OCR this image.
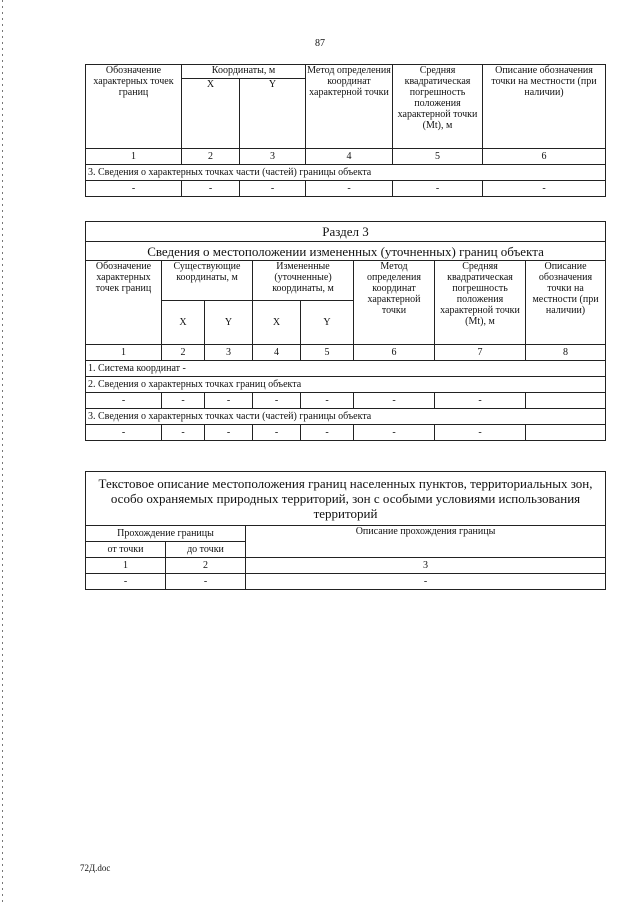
87
Обозначение характерных точек границ	Координаты, м		Метод определения координат характерной точки	Средняя квадратическая погрешность положения характерной точки (Mt), м	Описание обозначения точки на местности (при наличии)
	X	Y			
1	2	3	4	5	6
3. Сведения о характерных точках части (частей) границы объекта					
-	-	-	-	-	-
Раздел 3							
Сведения о местоположении измененных (уточненных) границ объекта							
Обозначение характерных точек границ	Существующие координаты, м		Измененные (уточненные) координаты, м		Метод определения координат характерной точки	Средняя квадратическая погрешность положения характерной точки (Mt), м	Описание обозначения точки на местности (при наличии)
	X	Y	X	Y			
1	2	3	4	5	6	7	8
1. Система координат -							
2. Сведения о характерных точках границ объекта							
-	-	-	-	-	-	-	
3. Сведения о характерных точках части (частей) границы объекта							
-	-	-	-	-	-	-	
Текстовое описание местоположения границ населенных пунктов, территориальных зон, особо охраняемых природных территорий, зон с особыми условиями использования территорий		
Прохождение границы		Описание прохождения границы
от точки	до точки	
1	2	3
-	-	-
72Д.doc
